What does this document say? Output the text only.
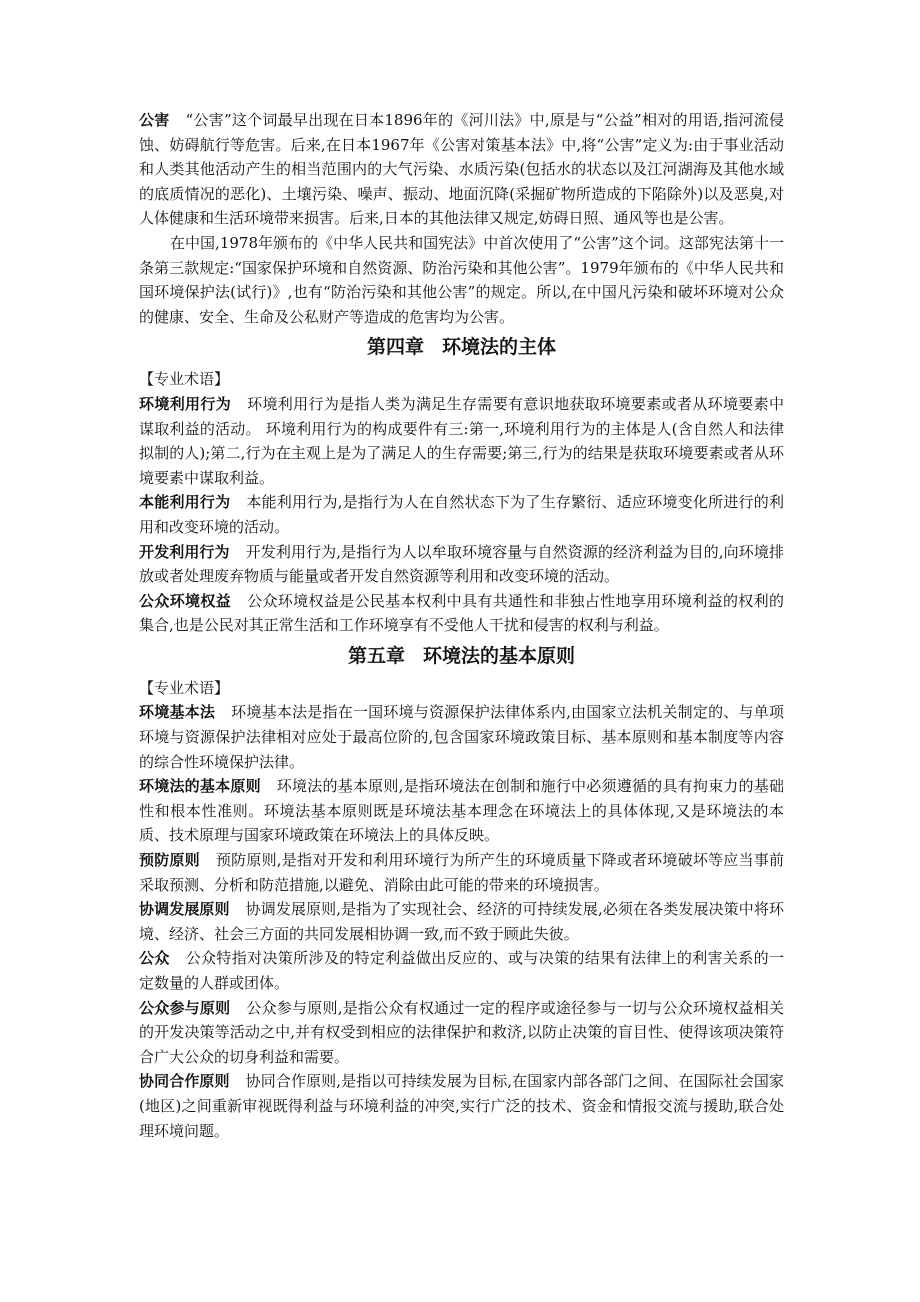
公害 “公害”这个词最早出现在日本1896年的《河川法》中,原是与“公益”相对的用语,指河流侵蚀、妨碍航行等危害。后来,在日本1967年《公害对策基本法》中,将“公害”定义为:由于事业活动和人类其他活动产生的相当范围内的大气污染、水质污染(包括水的状态以及江河湖海及其他水域的底质情况的恶化)、土壤污染、噪声、振动、地面沉降(采掘矿物所造成的下陷除外)以及恶臭,对人体健康和生活环境带来损害。后来,日本的其他法律又规定,妨碍日照、通风等也是公害。

在中国,1978年颁布的《中华人民共和国宪法》中首次使用了“公害”这个词。这部宪法第十一条第三款规定:“国家保护环境和自然资源、防治污染和其他公害”。1979年颁布的《中华人民共和国环境保护法(试行)》,也有“防治污染和其他公害”的规定。所以,在中国凡污染和破坏环境对公众的健康、安全、生命及公私财产等造成的危害均为公害。

第四章 环境法的主体

【专业术语】

环境利用行为 环境利用行为是指人类为满足生存需要有意识地获取环境要素或者从环境要素中谋取利益的活动。 环境利用行为的构成要件有三:第一,环境利用行为的主体是人(含自然人和法律拟制的人);第二,行为在主观上是为了满足人的生存需要;第三,行为的结果是获取环境要素或者从环境要素中谋取利益。

本能利用行为 本能利用行为,是指行为人在自然状态下为了生存繁衍、适应环境变化所进行的利用和改变环境的活动。

开发利用行为 开发利用行为,是指行为人以牟取环境容量与自然资源的经济利益为目的,向环境排放或者处理废弃物质与能量或者开发自然资源等利用和改变环境的活动。

公众环境权益 公众环境权益是公民基本权利中具有共通性和非独占性地享用环境利益的权利的集合,也是公民对其正常生活和工作环境享有不受他人干扰和侵害的权利与利益。

第五章 环境法的基本原则

【专业术语】

环境基本法 环境基本法是指在一国环境与资源保护法律体系内,由国家立法机关制定的、与单项环境与资源保护法律相对应处于最高位阶的,包含国家环境政策目标、基本原则和基本制度等内容的综合性环境保护法律。

环境法的基本原则 环境法的基本原则,是指环境法在创制和施行中必须遵循的具有拘束力的基础性和根本性准则。环境法基本原则既是环境法基本理念在环境法上的具体体现,又是环境法的本质、技术原理与国家环境政策在环境法上的具体反映。

预防原则 预防原则,是指对开发和利用环境行为所产生的环境质量下降或者环境破坏等应当事前采取预测、分析和防范措施,以避免、消除由此可能的带来的环境损害。

协调发展原则 协调发展原则,是指为了实现社会、经济的可持续发展,必须在各类发展决策中将环境、经济、社会三方面的共同发展相协调一致,而不致于顾此失彼。

公众 公众特指对决策所涉及的特定利益做出反应的、或与决策的结果有法律上的利害关系的一定数量的人群或团体。

公众参与原则 公众参与原则,是指公众有权通过一定的程序或途径参与一切与公众环境权益相关的开发决策等活动之中,并有权受到相应的法律保护和救济,以防止决策的盲目性、使得该项决策符合广大公众的切身利益和需要。

协同合作原则 协同合作原则,是指以可持续发展为目标,在国家内部各部门之间、在国际社会国家(地区)之间重新审视既得利益与环境利益的冲突,实行广泛的技术、资金和情报交流与援助,联合处理环境问题。
